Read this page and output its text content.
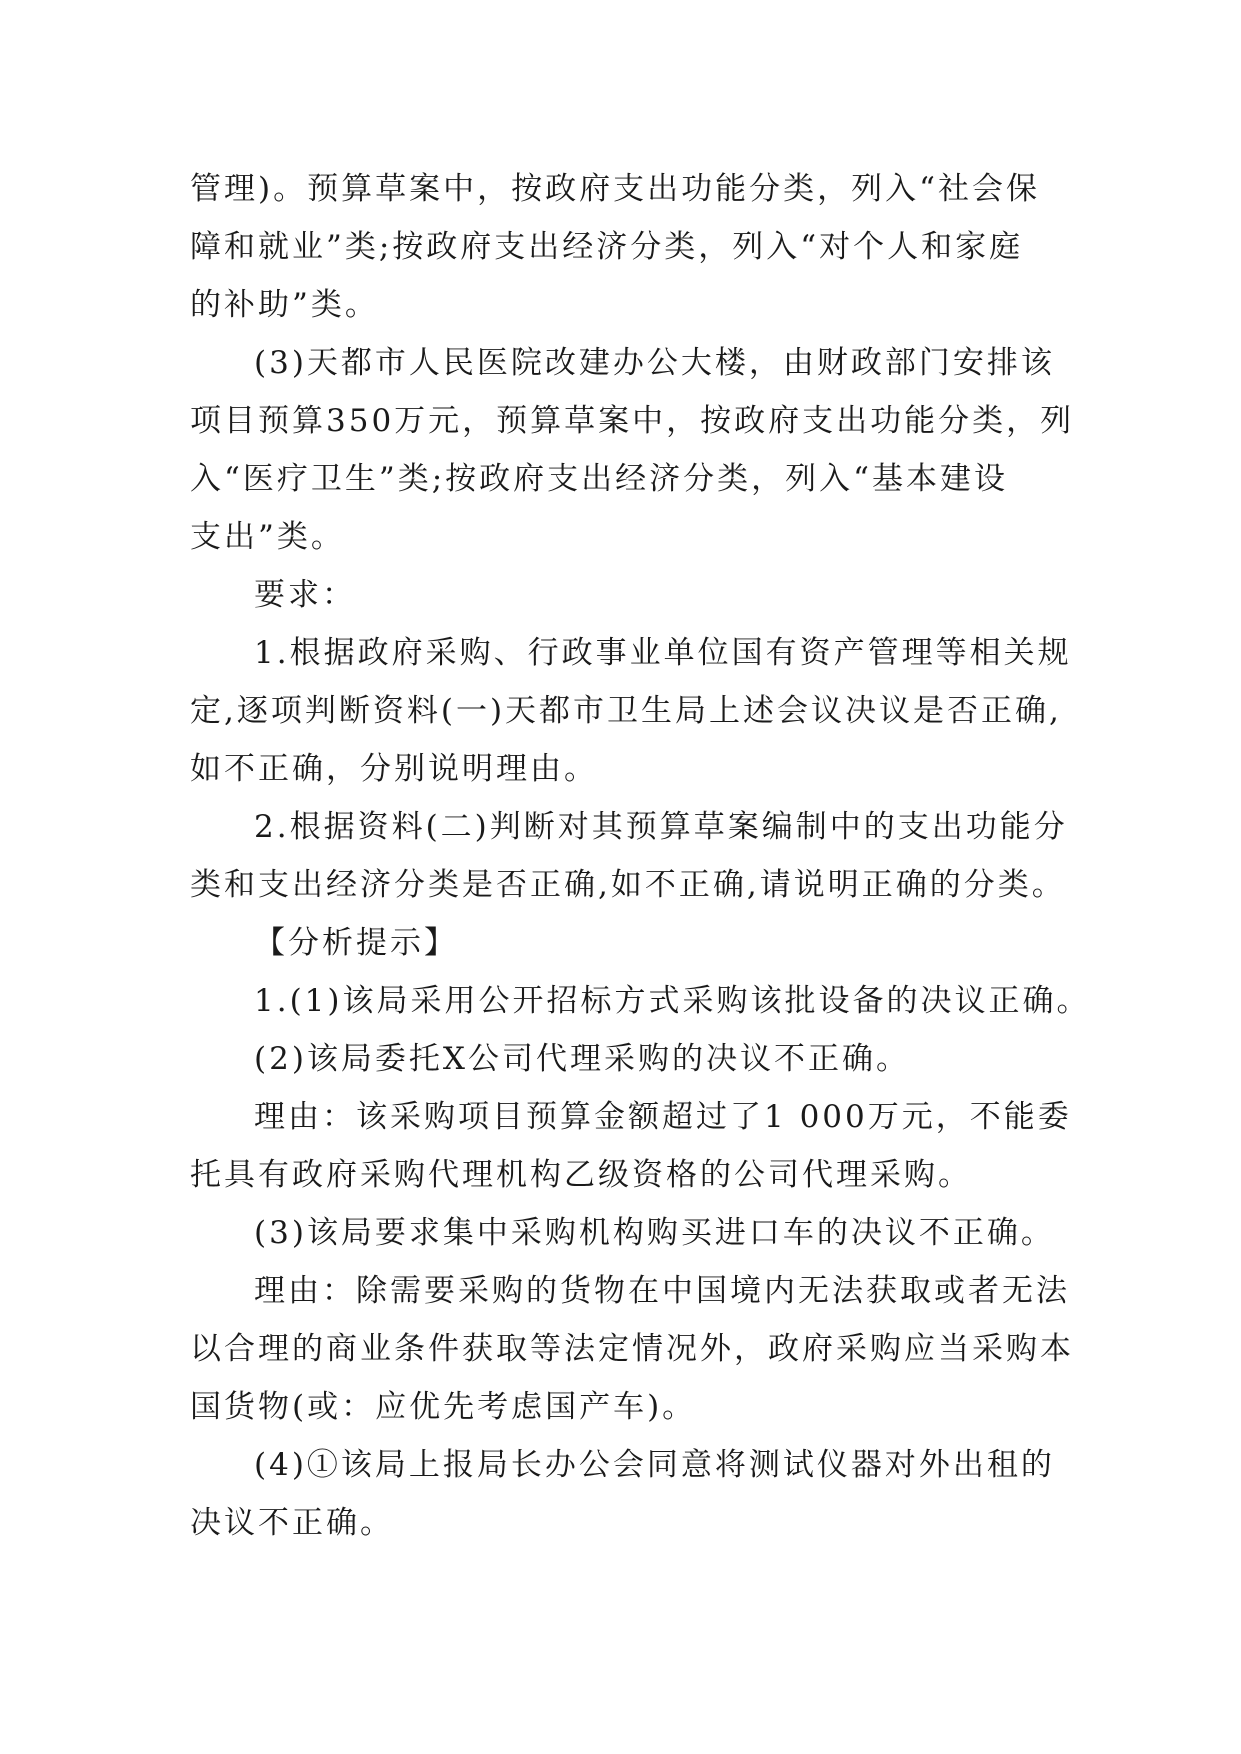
管理)。预算草案中，按政府支出功能分类，列入“社会保
障和就业”类;按政府支出经济分类，列入“对个人和家庭
的补助”类。

(3)天都市人民医院改建办公大楼，由财政部门安排该
项目预算350万元，预算草案中，按政府支出功能分类，列
入“医疗卫生”类;按政府支出经济分类，列入“基本建设
支出”类。

要求：

1.根据政府采购、行政事业单位国有资产管理等相关规
定,逐项判断资料(一)天都市卫生局上述会议决议是否正确,
如不正确，分别说明理由。

2.根据资料(二)判断对其预算草案编制中的支出功能分
类和支出经济分类是否正确,如不正确,请说明正确的分类。

【分析提示】

1.(1)该局采用公开招标方式采购该批设备的决议正确。

(2)该局委托X公司代理采购的决议不正确。

理由：该采购项目预算金额超过了1 000万元，不能委
托具有政府采购代理机构乙级资格的公司代理采购。

(3)该局要求集中采购机构购买进口车的决议不正确。

理由：除需要采购的货物在中国境内无法获取或者无法
以合理的商业条件获取等法定情况外，政府采购应当采购本
国货物(或：应优先考虑国产车)。

(4)①该局上报局长办公会同意将测试仪器对外出租的
决议不正确。
